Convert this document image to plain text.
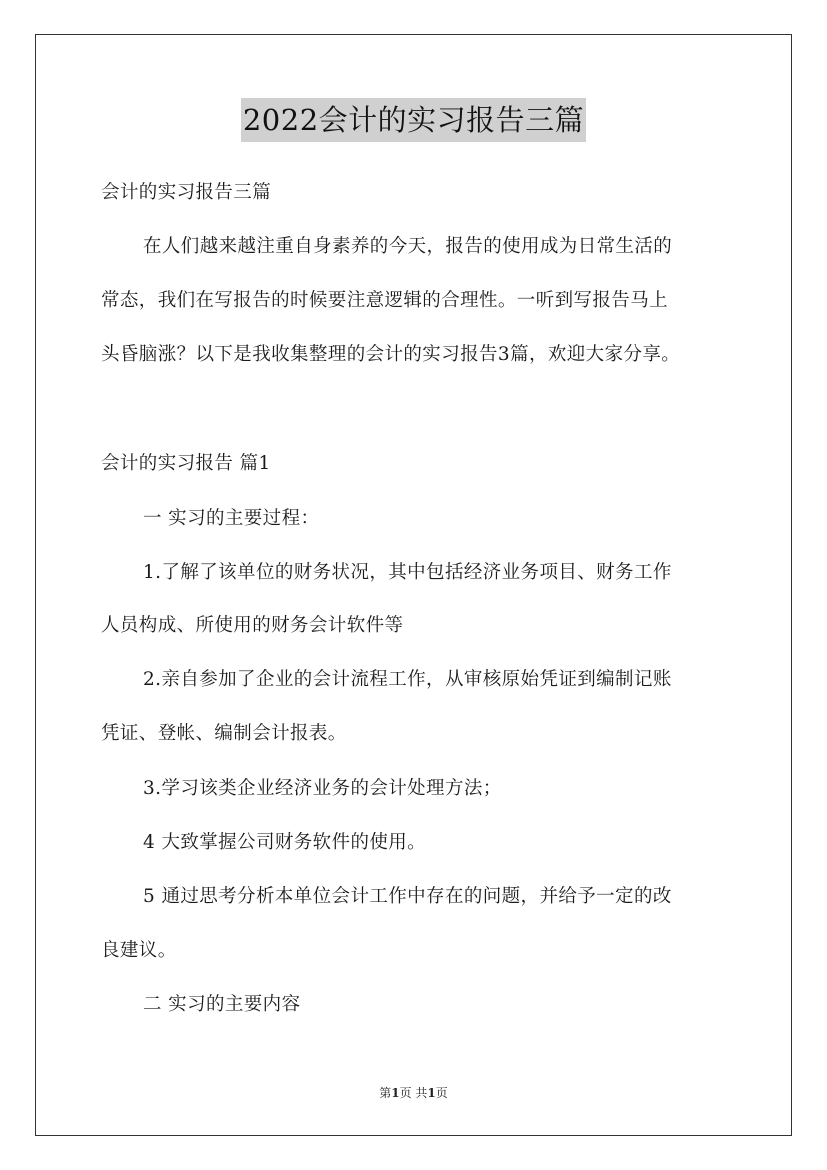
2022会计的实习报告三篇
会计的实习报告三篇
在人们越来越注重自身素养的今天，报告的使用成为日常生活的
常态，我们在写报告的时候要注意逻辑的合理性。一听到写报告马上
头昏脑涨？以下是我收集整理的会计的实习报告3篇，欢迎大家分享。
会计的实习报告 篇1
一 实习的主要过程：
1.了解了该单位的财务状况，其中包括经济业务项目、财务工作
人员构成、所使用的财务会计软件等
2.亲自参加了企业的会计流程工作，从审核原始凭证到编制记账
凭证、登帐、编制会计报表。
3.学习该类企业经济业务的会计处理方法；
4 大致掌握公司财务软件的使用。
5 通过思考分析本单位会计工作中存在的问题，并给予一定的改
良建议。
二 实习的主要内容
第1页 共1页
